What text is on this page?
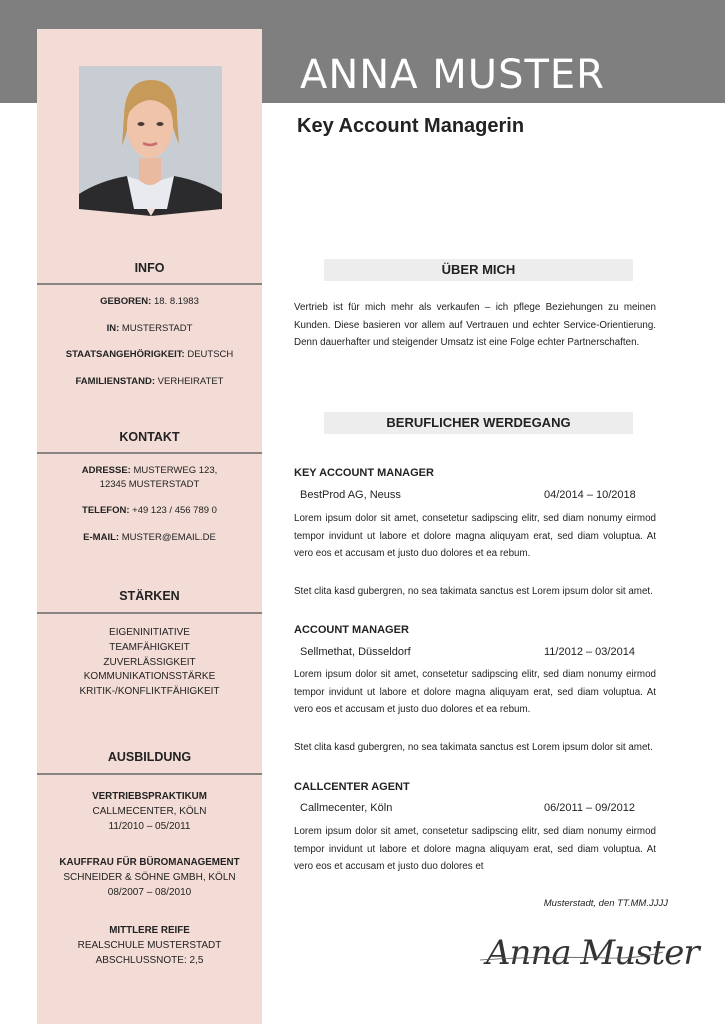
ANNA MUSTER
Key Account Managerin
INFO
GEBOREN: 18. 8.1983
IN: MUSTERSTADT
STAATSANGEHÖRIGKEIT: DEUTSCH
FAMILIENSTAND: VERHEIRATET
KONTAKT
ADRESSE: MUSTERWEG 123,
12345 MUSTERSTADT
TELEFON: +49 123 / 456 789 0
E-MAIL: MUSTER@EMAIL.DE
STÄRKEN
EIGENINITIATIVE
TEAMFÄHIGKEIT
ZUVERLÄSSIGKEIT
KOMMUNIKATIONSSTÄRKE
KRITIK-/KONFLIKTFÄHIGKEIT
AUSBILDUNG
VERTRIEBSPRAKTIKUM
CALLMECENTER, KÖLN
11/2010 – 05/2011
KAUFFRAU FÜR BÜROMANAGEMENT
SCHNEIDER & SÖHNE GMBH, KÖLN
08/2007 – 08/2010
MITTLERE REIFE
REALSCHULE MUSTERSTADT
ABSCHLUSSNOTE: 2,5
ÜBER MICH
Vertrieb ist für mich mehr als verkaufen – ich pflege Beziehungen zu meinen Kunden. Diese basieren vor allem auf Vertrauen und echter Service-Orientierung. Denn dauerhafter und steigender Umsatz ist eine Folge echter Partnerschaften.
BERUFLICHER WERDEGANG
KEY ACCOUNT MANAGER
BestProd AG, Neuss	04/2014 – 10/2018
Lorem ipsum dolor sit amet, consetetur sadipscing elitr, sed diam nonumy eirmod tempor invidunt ut labore et dolore magna aliquyam erat, sed diam voluptua. At vero eos et accusam et justo duo dolores et ea rebum.
Stet clita kasd gubergren, no sea takimata sanctus est Lorem ipsum dolor sit amet.
ACCOUNT MANAGER
Sellmethat, Düsseldorf	11/2012 – 03/2014
Lorem ipsum dolor sit amet, consetetur sadipscing elitr, sed diam nonumy eirmod tempor invidunt ut labore et dolore magna aliquyam erat, sed diam voluptua. At vero eos et accusam et justo duo dolores et ea rebum.
Stet clita kasd gubergren, no sea takimata sanctus est Lorem ipsum dolor sit amet.
CALLCENTER AGENT
Callmecenter, Köln	06/2011 – 09/2012
Lorem ipsum dolor sit amet, consetetur sadipscing elitr, sed diam nonumy eirmod tempor invidunt ut labore et dolore magna aliquyam erat, sed diam voluptua. At vero eos et accusam et justo duo dolores et
Musterstadt, den TT.MM.JJJJ
Anna Muster
